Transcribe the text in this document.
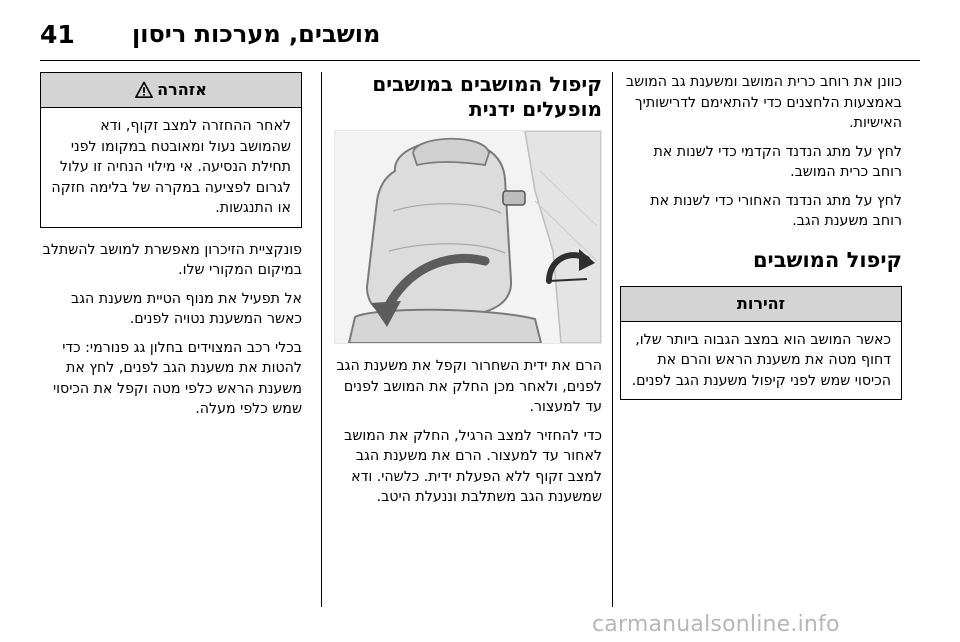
41 מושבים, מערכות ריסון

כוונן את רוחב כרית המושב ומשענת גב המושב באמצעות הלחצנים כדי להתאימם לדרישותיך האישיות.

לחץ על מתג הנדנד הקדמי כדי לשנות את רוחב כרית המושב.

לחץ על מתג הנדנד האחורי כדי לשנות את רוחב משענת הגב.

קיפול המושבים
זהירות
כאשר המושב הוא במצב הגבוה ביותר שלו, דחוף מטה את משענת הראש והרם את הכיסוי שמש לפני קיפול משענת הגב לפנים.
קיפול המושבים במושבים מופעלים ידנית

הרם את ידית השחרור וקפל את משענת הגב לפנים, ולאחר מכן החלק את המושב לפנים עד למעצור.

כדי להחזיר למצב הרגיל, החלק את המושב לאחור עד למעצור. הרם את משענת הגב למצב זקוף ללא הפעלת ידית. כלשהי. ודא שמשענת הגב משתלבת וננעלת היטב.

אזהרה
לאחר ההחזרה למצב זקוף, ודא שהמושב נעול ומאובטח במקומו לפני תחילת הנסיעה. אי מילוי הנחיה זו עלול לגרום לפציעה במקרה של בלימה חזקה או התנגשות.

פונקציית הזיכרון מאפשרת למושב להשתלב במיקום המקורי שלו.

אל תפעיל את מנוף הטיית משענת הגב כאשר המשענת נטויה לפנים.

בכלי רכב המצוידים בחלון גג פנורמי: כדי להטות את משענת הגב לפנים, לחץ את משענת הראש כלפי מטה וקפל את הכיסוי שמש כלפי מעלה.

carmanualsonline.info
